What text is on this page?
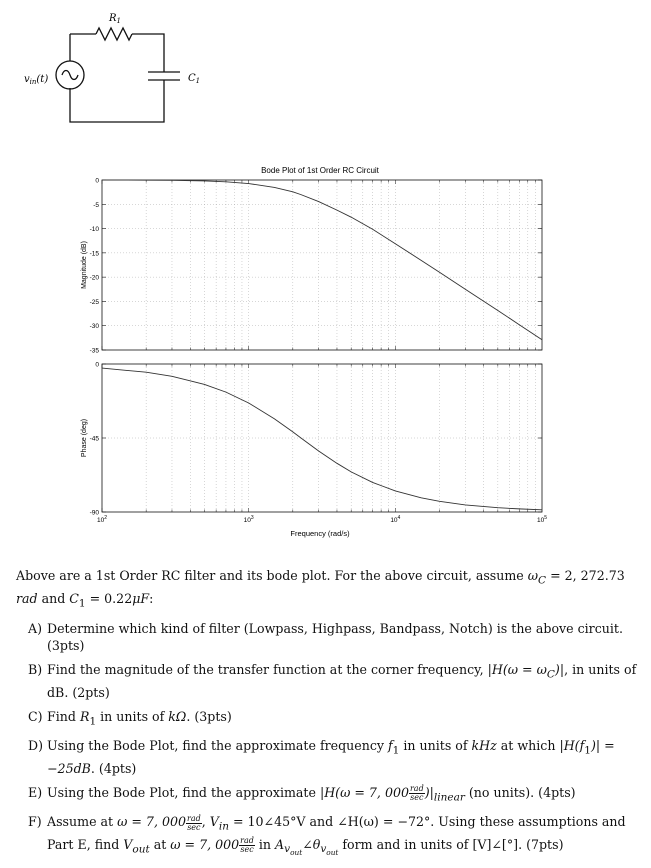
$v_{in}(t)$
$R_1$
$C_1$
Bode Plot of 1st Order RC Circuit
0
-5
-10
-15
-20
-25
-30
-35
Magnitude (dB)
0
-45
-90
$10^2$	$10^3$	$10^4$	$10^5$
Phase (deg)
Frequency (rad/s)

Above are a 1st Order RC filter and its bode plot. For the above circuit, assume $\omega_C = 2$, 272.73 rad and $C_1 = 0.22\mu F$:

A) Determine which kind of filter (Lowpass, Highpass, Bandpass, Notch) is the above circuit. (3pts)
B) Find the magnitude of the transfer function at the corner frequency, $|H(\omega = \omega_C)|$, in units of dB. (2pts)
C) Find $R_1$ in units of kΩ. (3pts)
D) Using the Bode Plot, find the approximate frequency $f_1$ in units of kHz at which $|H(f_1)| = -25dB$. (4pts)
E) Using the Bode Plot, find the approximate |H(ω = 7, $000 \frac{\text{rad}}{\sec} )|_{linear}$ (no units). (4pts)
F) Assume at ω = 7, $000 \frac{\text{rad}}{\sec}$ , $V_{in}$ = 10∠45°V and ∠H(ω) = −72°. Using these assumptions and Part E, find $V_{out}$ at ω = 7, $000 \frac{\text{rad}}{\sec}$ in $A_{v_{out}}\angle\theta_{v_{out}}$ form and in units of [V]∠[°]. (7pts)
